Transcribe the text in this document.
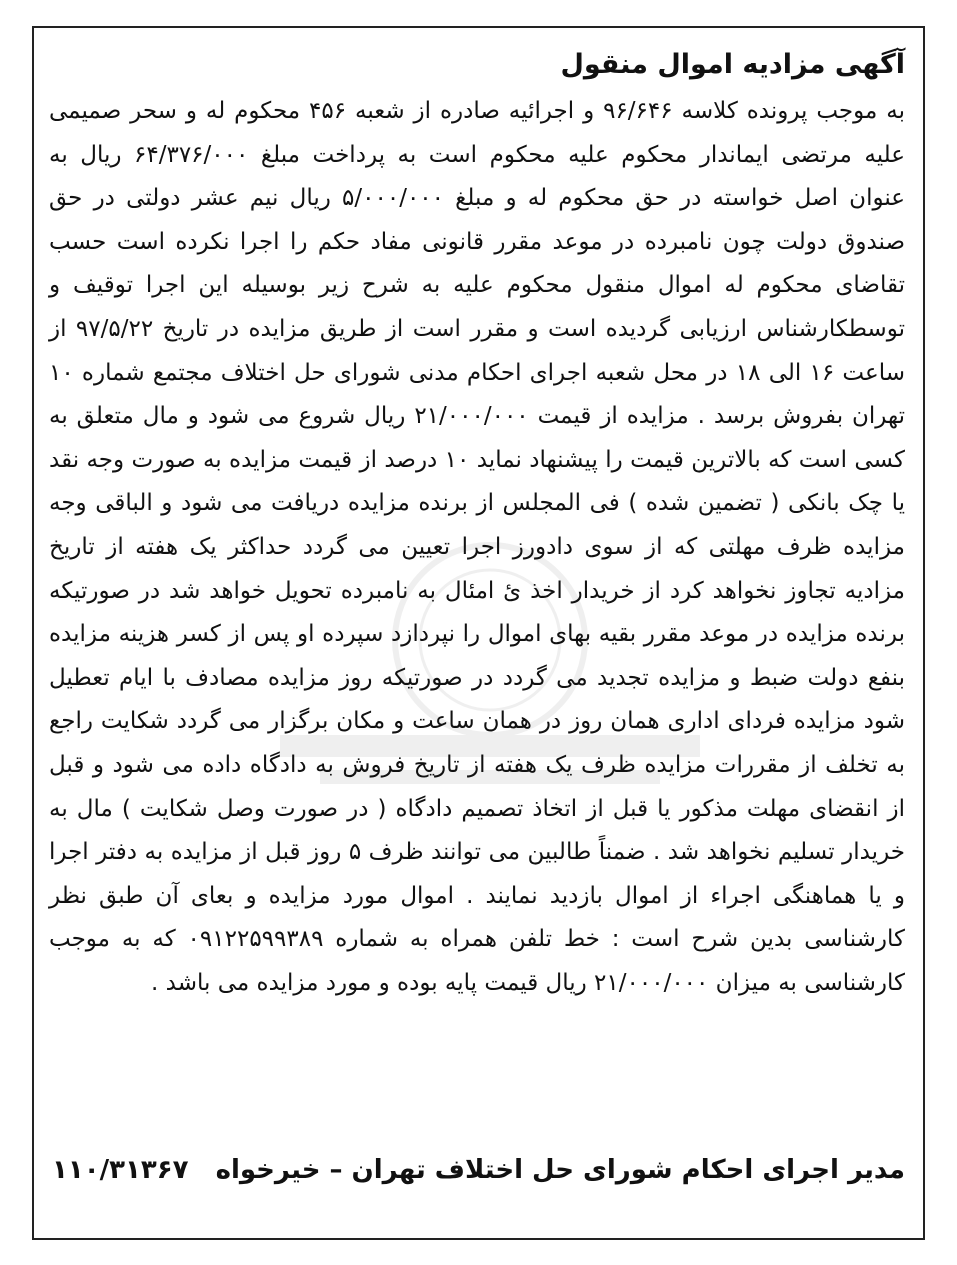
آگهی مزادیه اموال منقول

به موجب پرونده کلاسه ۹۶/۶۴۶ و اجرائیه صادره از شعبه ۴۵۶ محکوم له و سحر صمیمی علیه مرتضی ایماندار محکوم علیه محکوم است به پرداخت مبلغ ۶۴/۳۷۶/۰۰۰ ریال به عنوان اصل خواسته در حق محکوم له و مبلغ ۵/۰۰۰/۰۰۰ ریال نیم عشر دولتی در حق صندوق دولت چون نامبرده در موعد مقرر قانونی مفاد حکم را اجرا نکرده است حسب تقاضای محکوم له اموال منقول محکوم علیه به شرح زیر بوسیله این اجرا توقیف و توسطکارشناس ارزیابی گردیده است و مقرر است از طریق مزایده در تاریخ ۹۷/۵/۲۲ از ساعت ۱۶ الی ۱۸ در محل شعبه اجرای احکام مدنی شورای حل اختلاف مجتمع شماره ۱۰ تهران بفروش برسد . مزایده از قیمت ۲۱/۰۰۰/۰۰۰ ریال شروع می شود و مال متعلق به کسی است که بالاترین قیمت را پیشنهاد نماید ۱۰ درصد از قیمت مزایده به صورت وجه نقد یا چک بانکی ( تضمین شده ) فی المجلس از برنده مزایده دریافت می شود و الباقی وجه مزایده ظرف مهلتی که از سوی دادورز اجرا تعیین می گردد حداکثر یک هفته از تاریخ مزادیه تجاوز نخواهد کرد از خریدار اخذ ئ امئال به نامبرده تحویل خواهد شد در صورتیکه برنده مزایده در موعد مقرر بقیه بهای اموال را نپردازد سپرده او پس از کسر هزینه مزایده بنفع دولت ضبط و مزایده تجدید می گردد در صورتیکه روز مزایده مصادف با ایام تعطیل شود مزایده فردای اداری همان روز در همان ساعت و مکان برگزار می گردد شکایت راجع به تخلف از مقررات مزایده ظرف یک هفته از تاریخ فروش به دادگاه داده می شود و قبل از انقضای مهلت مذکور یا قبل از اتخاذ تصمیم دادگاه ( در صورت وصل شکایت ) مال به خریدار تسلیم نخواهد شد . ضمناً طالبین می توانند ظرف ۵ روز قبل از مزایده به دفتر اجرا و یا هماهنگی اجراء از اموال بازدید نمایند . اموال مورد مزایده و بعای آن طبق نظر کارشناسی بدین شرح است : خط تلفن همراه به شماره ۰۹۱۲۲۵۹۹۳۸۹ که به موجب کارشناسی به میزان ۲۱/۰۰۰/۰۰۰ ریال قیمت پایه بوده و مورد مزایده می باشد .

۱۱۰/۳۱۳۶۷ مدیر اجرای احکام شورای حل اختلاف تهران – خیرخواه
